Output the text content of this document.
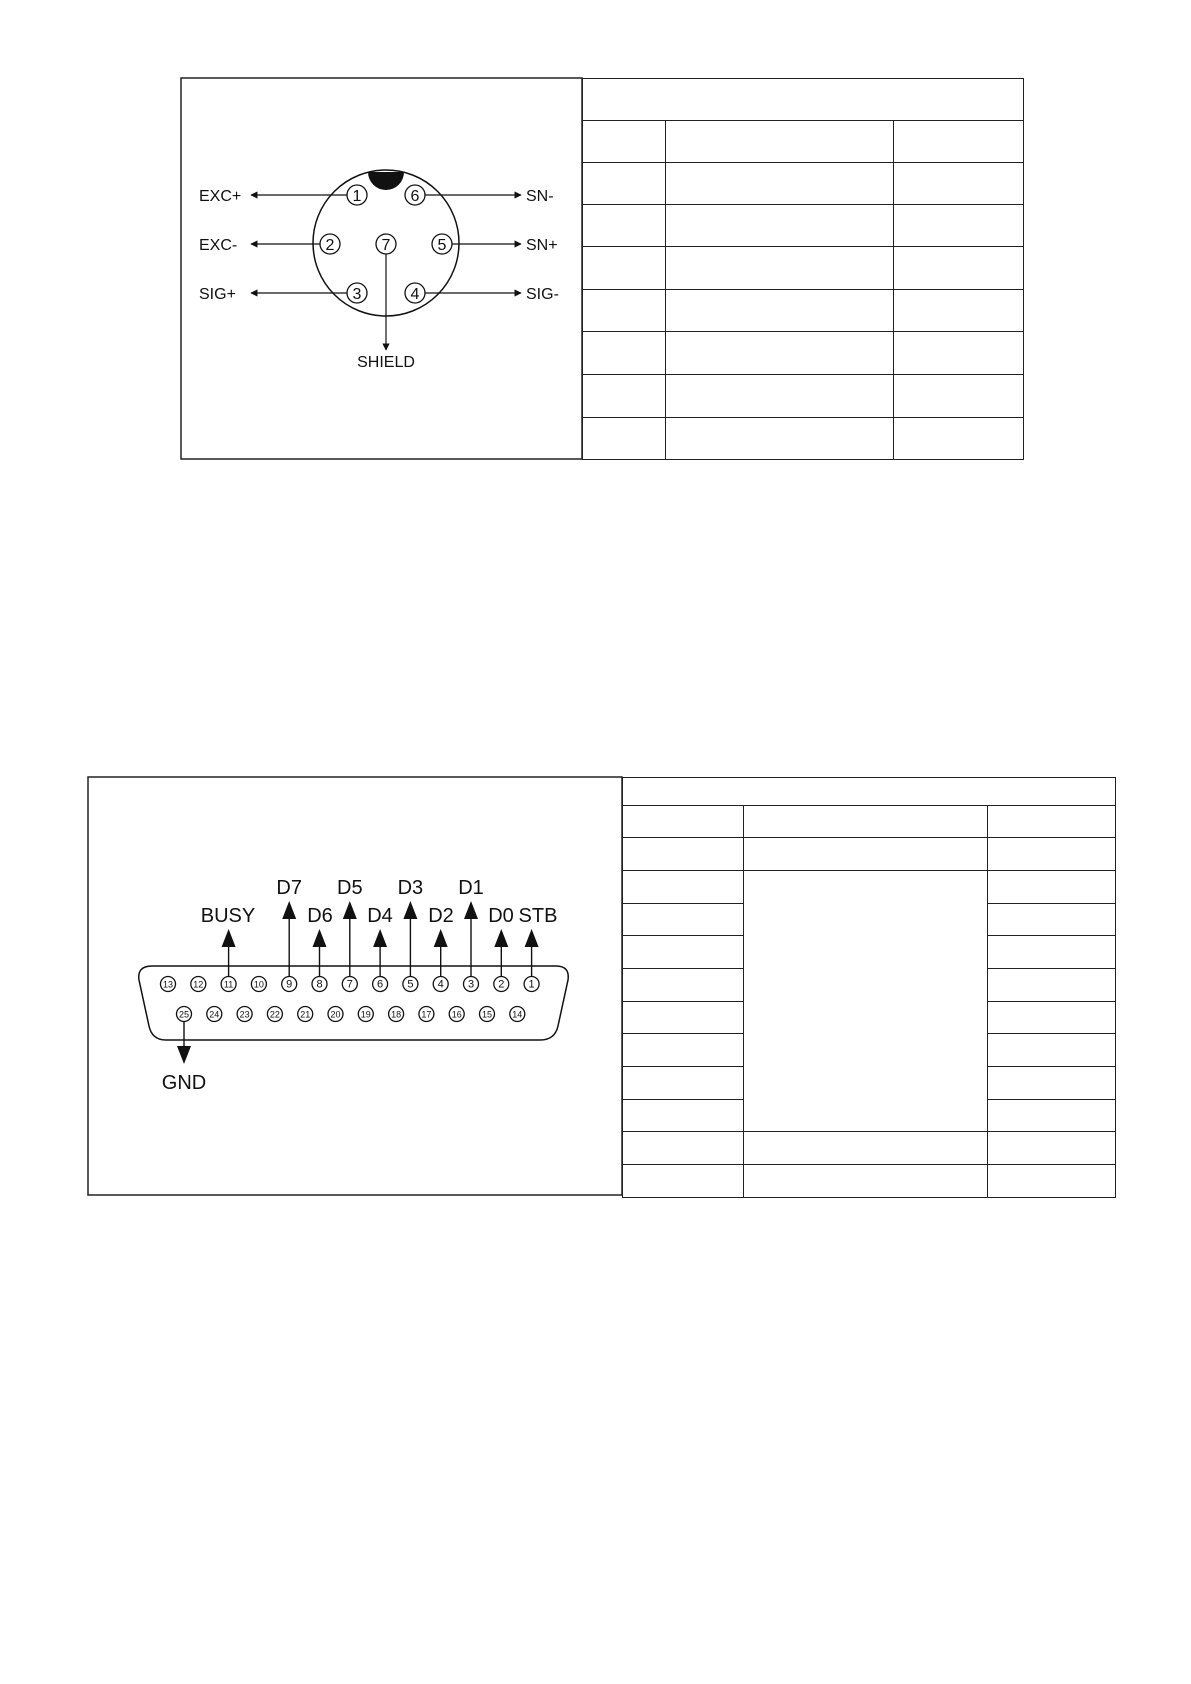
1
2
3	4
5
6
7
EXC+
EXC-
SIG+
SN-
SN+
SIG-
SHIELD
13 12 11 10 9 8 7 6 5 4 3 2 1
25 24 23 22 21 20 19 18 17 16 15 14
D7 D5 D3 D1
BUSY	D6 D4 D2 D0 STB
GND
